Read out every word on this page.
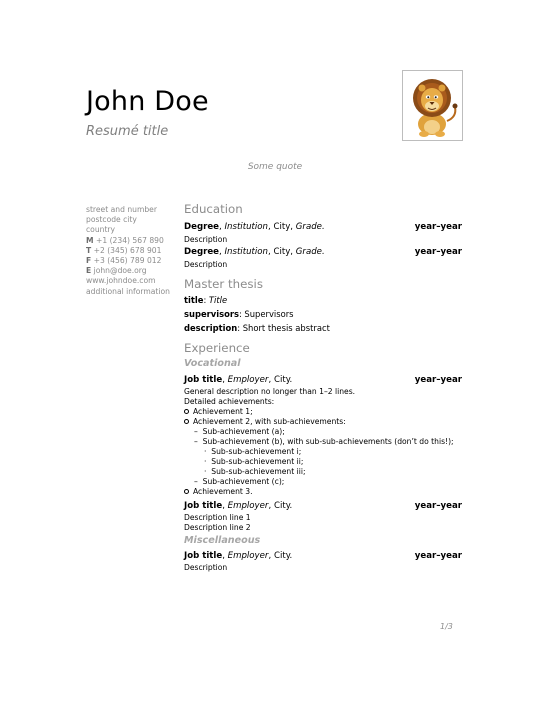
John Doe
Resumé title
Some quote
street and number
postcode city
country
M +1 (234) 567 890
T +2 (345) 678 901
F +3 (456) 789 012
E john@doe.org
www.johndoe.com
additional information
Education
Degree, Institution, City, Grade.	year–year
Description
Degree, Institution, City, Grade.	year–year
Description
Master thesis
title: Title
supervisors: Supervisors
description: Short thesis abstract
Experience
Vocational
Job title, Employer, City.	year–year
General description no longer than 1–2 lines.
Detailed achievements:
Achievement 1;
Achievement 2, with sub-achievements:
–  Sub-achievement (a);
–  Sub-achievement (b), with sub-sub-achievements (don’t do this!);
·  Sub-sub-achievement i;
·  Sub-sub-achievement ii;
·  Sub-sub-achievement iii;
–  Sub-achievement (c);
Achievement 3.
Job title, Employer, City.	year–year
Description line 1
Description line 2
Miscellaneous
Job title, Employer, City.	year–year
Description
1/3
